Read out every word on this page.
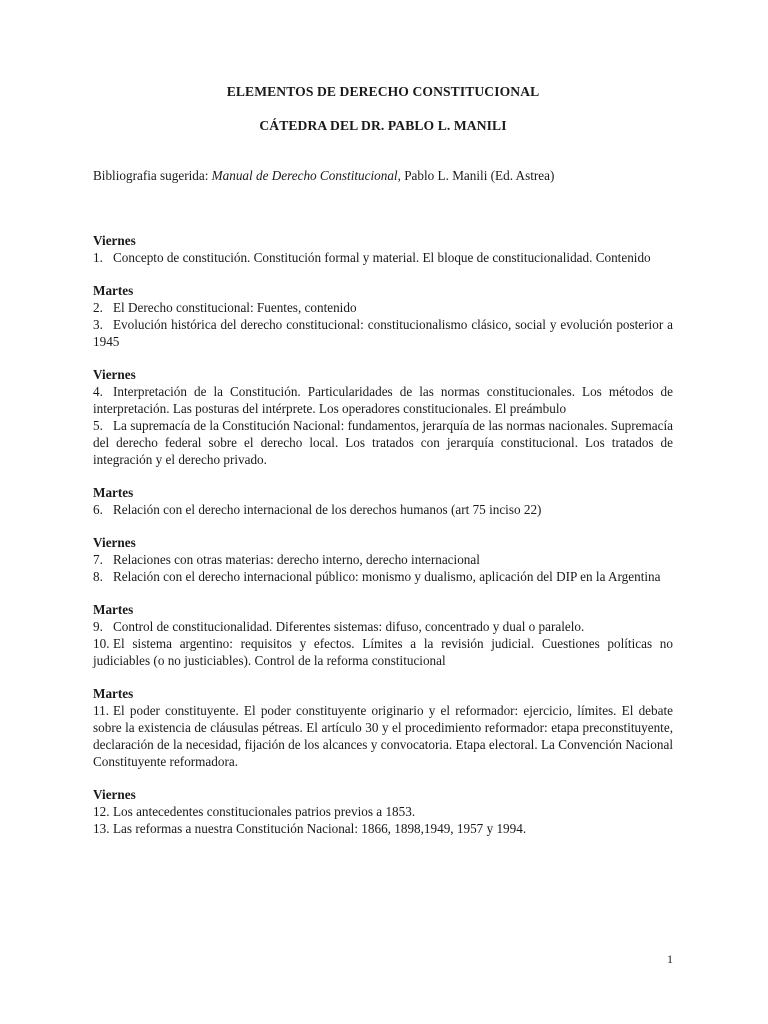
ELEMENTOS DE DERECHO CONSTITUCIONAL

CÁTEDRA DEL DR. PABLO L. MANILI

Bibliografia sugerida: Manual de Derecho Constitucional, Pablo L. Manili (Ed. Astrea)

Viernes

1. Concepto de constitución. Constitución formal y material. El bloque de constitucionalidad. Contenido

Martes

2. El Derecho constitucional: Fuentes, contenido

3. Evolución histórica del derecho constitucional: constitucionalismo clásico, social y evolución posterior a 1945

Viernes

4. Interpretación de la Constitución. Particularidades de las normas constitucionales. Los métodos de interpretación. Las posturas del intérprete. Los operadores constitucionales. El preámbulo

5. La supremacía de la Constitución Nacional: fundamentos, jerarquía de las normas nacionales. Supremacía del derecho federal sobre el derecho local. Los tratados con jerarquía constitucional. Los tratados de integración y el derecho privado.

Martes

6. Relación con el derecho internacional de los derechos humanos (art 75 inciso 22)

Viernes

7. Relaciones con otras materias: derecho interno, derecho internacional

8. Relación con el derecho internacional público: monismo y dualismo, aplicación del DIP en la Argentina

Martes

9. Control de constitucionalidad. Diferentes sistemas: difuso, concentrado y dual o paralelo.

10. El sistema argentino: requisitos y efectos. Límites a la revisión judicial. Cuestiones políticas no judiciables (o no justiciables). Control de la reforma constitucional

Martes

11. El poder constituyente. El poder constituyente originario y el reformador: ejercicio, límites. El debate sobre la existencia de cláusulas pétreas. El artículo 30 y el procedimiento reformador: etapa preconstituyente, declaración de la necesidad, fijación de los alcances y convocatoria. Etapa electoral. La Convención Nacional Constituyente reformadora.

Viernes

12. Los antecedentes constitucionales patrios previos a 1853.

13. Las reformas a nuestra Constitución Nacional: 1866, 1898,1949, 1957 y 1994.

1
